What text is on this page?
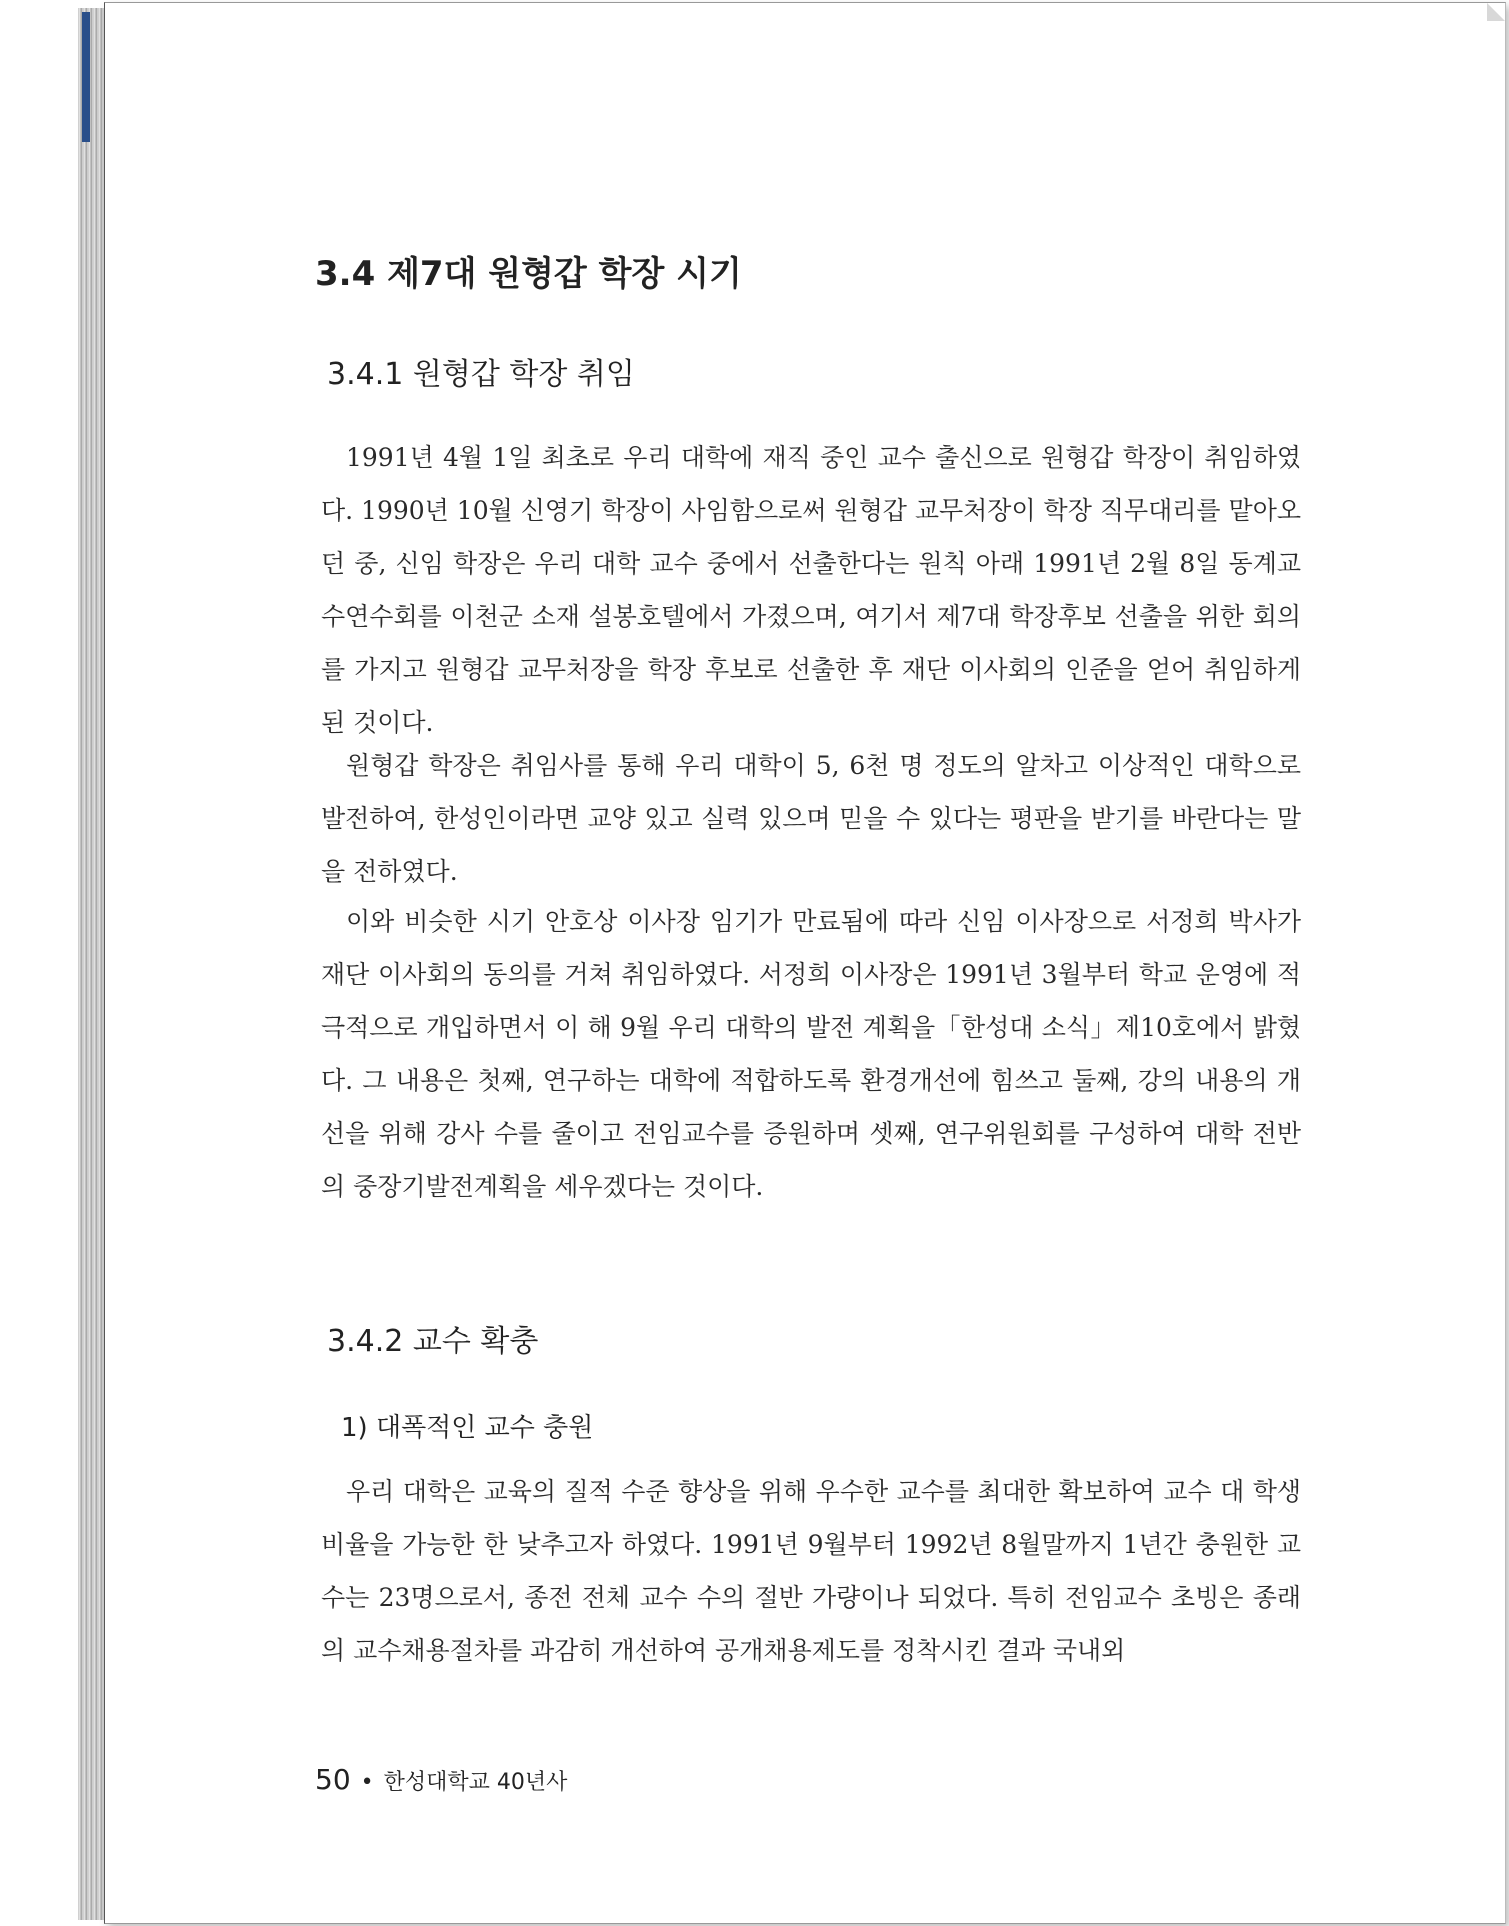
3.4 제7대 원형갑 학장 시기
3.4.1 원형갑 학장 취임

1991년 4월 1일 최초로 우리 대학에 재직 중인 교수 출신으로 원형갑 학장이 취임하였다. 1990년 10월 신영기 학장이 사임함으로써 원형갑 교무처장이 학장 직무대리를 맡아오던 중, 신임 학장은 우리 대학 교수 중에서 선출한다는 원칙 아래 1991년 2월 8일 동계교수연수회를 이천군 소재 설봉호텔에서 가졌으며, 여기서 제7대 학장후보 선출을 위한 회의를 가지고 원형갑 교무처장을 학장 후보로 선출한 후 재단 이사회의 인준을 얻어 취임하게 된 것이다.

원형갑 학장은 취임사를 통해 우리 대학이 5, 6천 명 정도의 알차고 이상적인 대학으로 발전하여, 한성인이라면 교양 있고 실력 있으며 믿을 수 있다는 평판을 받기를 바란다는 말을 전하였다.

이와 비슷한 시기 안호상 이사장 임기가 만료됨에 따라 신임 이사장으로 서정희 박사가 재단 이사회의 동의를 거쳐 취임하였다. 서정희 이사장은 1991년 3월부터 학교 운영에 적극적으로 개입하면서 이 해 9월 우리 대학의 발전 계획을「한성대 소식」제10호에서 밝혔다. 그 내용은 첫째, 연구하는 대학에 적합하도록 환경개선에 힘쓰고 둘째, 강의 내용의 개선을 위해 강사 수를 줄이고 전임교수를 증원하며 셋째, 연구위원회를 구성하여 대학 전반의 중장기발전계획을 세우겠다는 것이다.

3.4.2 교수 확충
1) 대폭적인 교수 충원

우리 대학은 교육의 질적 수준 향상을 위해 우수한 교수를 최대한 확보하여 교수 대 학생 비율을 가능한 한 낮추고자 하였다. 1991년 9월부터 1992년 8월말까지 1년간 충원한 교수는 23명으로서, 종전 전체 교수 수의 절반 가량이나 되었다. 특히 전임교수 초빙은 종래의 교수채용절차를 과감히 개선하여 공개채용제도를 정착시킨 결과 국내외

50 • 한성대학교 40년사
